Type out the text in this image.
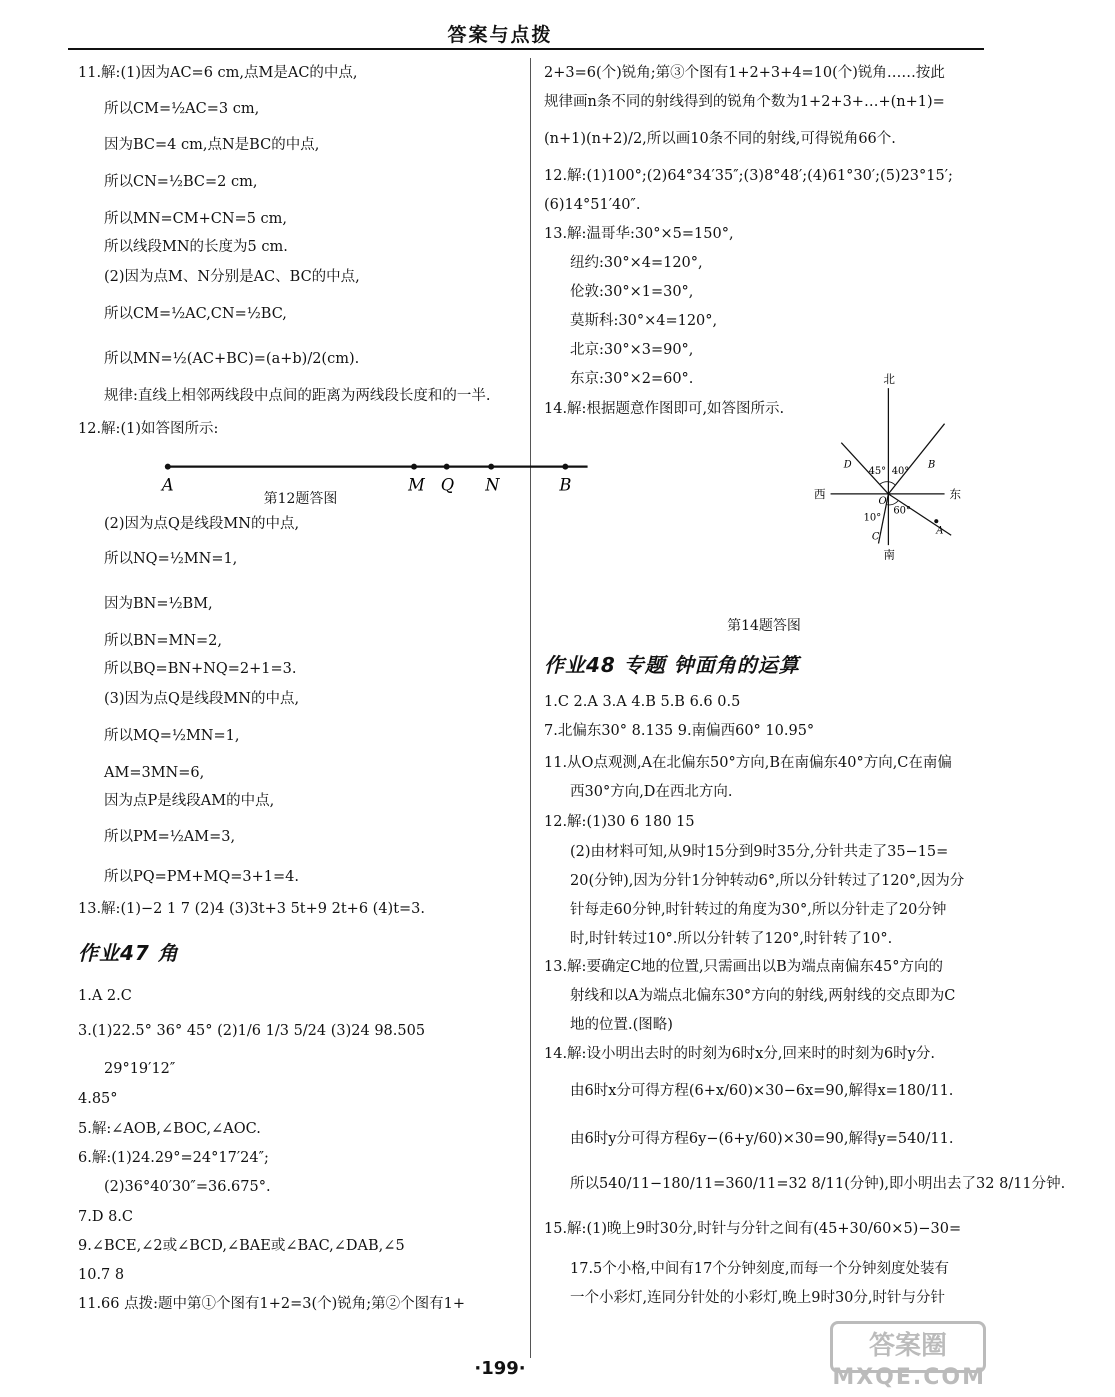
答案与点拨
11.解:(1)因为AC=6 cm,点M是AC的中点,
所以CM=½AC=3 cm,
因为BC=4 cm,点N是BC的中点,
所以CN=½BC=2 cm,
所以MN=CM+CN=5 cm,
所以线段MN的长度为5 cm.
(2)因为点M、N分别是AC、BC的中点,
所以CM=½AC,CN=½BC,
所以MN=½(AC+BC)=(a+b)/2(cm).
规律:直线上相邻两线段中点间的距离为两线段长度和的一半.
12.解:(1)如答图所示:
第12题答图
(2)因为点Q是线段MN的中点,
所以NQ=½MN=1,
因为BN=½BM,
所以BN=MN=2,
所以BQ=BN+NQ=2+1=3.
(3)因为点Q是线段MN的中点,
所以MQ=½MN=1,
AM=3MN=6,
因为点P是线段AM的中点,
所以PM=½AM=3,
所以PQ=PM+MQ=3+1=4.
13.解:(1)−2 1 7 (2)4 (3)3t+3 5t+9 2t+6 (4)t=3.
作业47 角
1.A 2.C
3.(1)22.5° 36° 45° (2)1/6 1/3 5/24 (3)24 98.505
29°19′12″
4.85°
5.解:∠AOB,∠BOC,∠AOC.
6.解:(1)24.29°=24°17′24″;
(2)36°40′30″=36.675°.
7.D 8.C
9.∠BCE,∠2或∠BCD,∠BAE或∠BAC,∠DAB,∠5
10.7 8
11.66 点拨:题中第①个图有1+2=3(个)锐角;第②个图有1+
2+3=6(个)锐角;第③个图有1+2+3+4=10(个)锐角……按此
规律画n条不同的射线得到的锐角个数为1+2+3+…+(n+1)=
(n+1)(n+2)/2,所以画10条不同的射线,可得锐角66个.
12.解:(1)100°;(2)64°34′35″;(3)8°48′;(4)61°30′;(5)23°15′;
(6)14°51′40″.
13.解:温哥华:30°×5=150°,
纽约:30°×4=120°,
伦敦:30°×1=30°,
莫斯科:30°×4=120°,
北京:30°×3=90°,
东京:30°×2=60°.
14.解:根据题意作图即可,如答图所示.
第14题答图
作业48 专题 钟面角的运算
1.C 2.A 3.A 4.B 5.B 6.6 0.5
7.北偏东30° 8.135 9.南偏西60° 10.95°
11.从O点观测,A在北偏东50°方向,B在南偏东40°方向,C在南偏
西30°方向,D在西北方向.
12.解:(1)30 6 180 15
(2)由材料可知,从9时15分到9时35分,分针共走了35−15=
20(分钟),因为分针1分钟转动6°,所以分针转过了120°,因为分
针每走60分钟,时针转过的角度为30°,所以分针走了20分钟
时,时针转过10°.所以分针转了120°,时针转了10°.
13.解:要确定C地的位置,只需画出以B为端点南偏东45°方向的
射线和以A为端点北偏东30°方向的射线,两射线的交点即为C
地的位置.(图略)
14.解:设小明出去时的时刻为6时x分,回来时的时刻为6时y分.
由6时x分可得方程(6+x/60)×30−6x=90,解得x=180/11.
由6时y分可得方程6y−(6+y/60)×30=90,解得y=540/11.
所以540/11−180/11=360/11=32 8/11(分钟),即小明出去了32 8/11分钟.
15.解:(1)晚上9时30分,时针与分针之间有(45+30/60×5)−30=
17.5个小格,中间有17个分钟刻度,而每一个分钟刻度处装有
一个小彩灯,连同分针处的小彩灯,晚上9时30分,时针与分针
A	M Q	N	B
北
西	东
南
D	B
O
A
C
45° 40°
60°
10°
·199·
答案圈
MXQE.COM
